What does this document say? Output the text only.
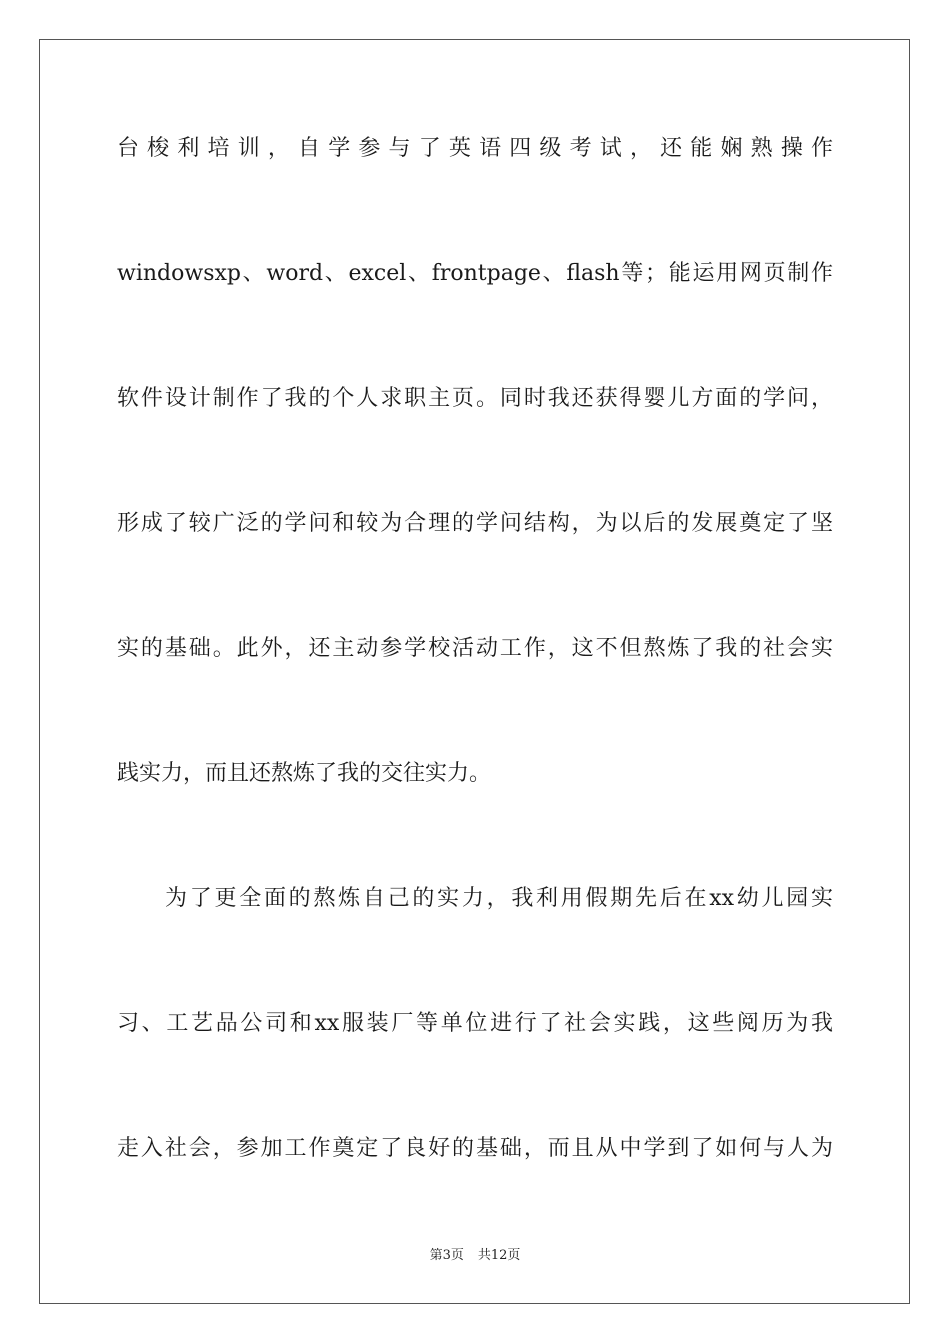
台梭利培训，自学参与了英语四级考试，还能娴熟操作
windowsxp、word、excel、frontpage、flash等；能运用网页制作
软件设计制作了我的个人求职主页。同时我还获得婴儿方面的学问，
形成了较广泛的学问和较为合理的学问结构，为以后的发展奠定了坚
实的基础。此外，还主动参学校活动工作，这不但熬炼了我的社会实
践实力，而且还熬炼了我的交往实力。
为了更全面的熬炼自己的实力，我利用假期先后在xx幼儿园实
习、工艺品公司和xx服装厂等单位进行了社会实践，这些阅历为我
走入社会，参加工作奠定了良好的基础，而且从中学到了如何与人为
第3页 共12页
